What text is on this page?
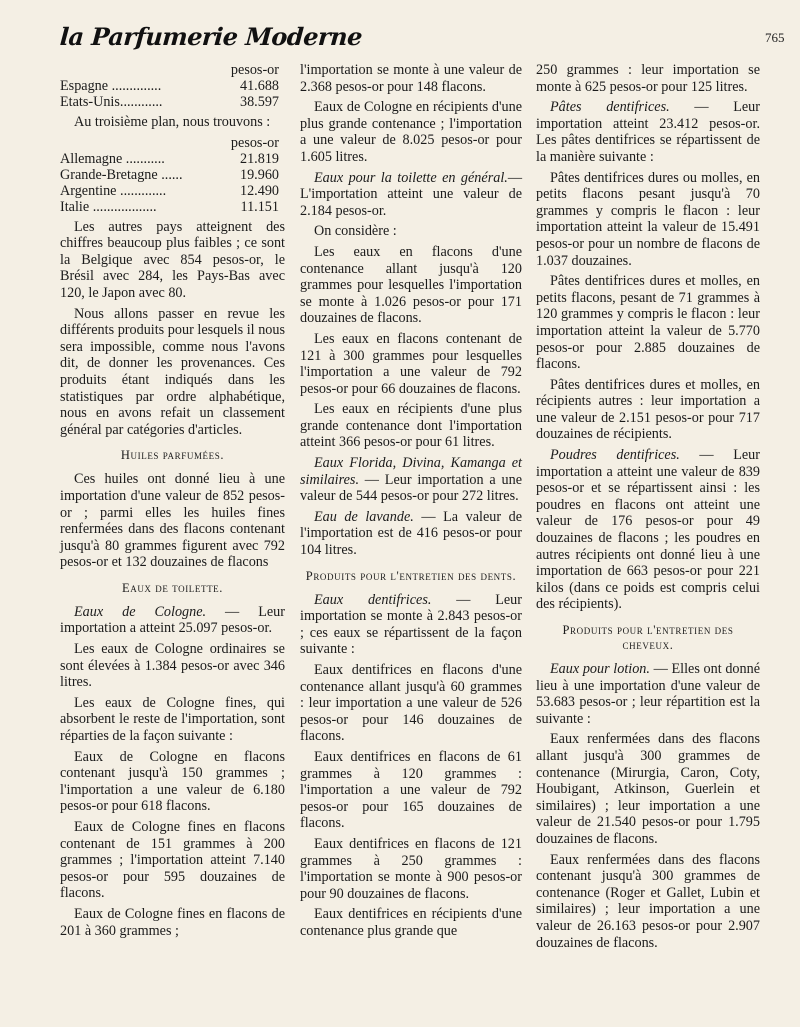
la Parfumerie Moderne	765
	pesos-or
Espagne ..............	41.688
Etats-Unis............	38.597

Au troisième plan, nous trouvons :

	pesos-or
Allemagne ...........	21.819
Grande-Bretagne ......	19.960
Argentine .............	12.490
Italie ..................	11.151

Les autres pays atteignent des chiffres beaucoup plus faibles ; ce sont la Belgique avec 854 pesos-or, le Brésil avec 284, les Pays-Bas avec 120, le Japon avec 80.

Nous allons passer en revue les différents produits pour lesquels il nous sera impossible, comme nous l'avons dit, de donner les provenances. Ces produits étant indiqués dans les statistiques par ordre alphabétique, nous en avons refait un classement général par catégories d'articles.

Huiles parfumées.

Ces huiles ont donné lieu à une importation d'une valeur de 852 pesos-or ; parmi elles les huiles fines renfermées dans des flacons contenant jusqu'à 80 grammes figurent avec 792 pesos-or et 132 douzaines de flacons

Eaux de toilette.

Eaux de Cologne. — Leur importation a atteint 25.097 pesos-or.

Les eaux de Cologne ordinaires se sont élevées à 1.384 pesos-or avec 346 litres.

Les eaux de Cologne fines, qui absorbent le reste de l'importation, sont réparties de la façon suivante :

Eaux de Cologne en flacons contenant jusqu'à 150 grammes ; l'importation a une valeur de 6.180 pesos-or pour 618 flacons.

Eaux de Cologne fines en flacons contenant de 151 grammes à 200 grammes ; l'importation atteint 7.140 pesos-or pour 595 douzaines de flacons.

Eaux de Cologne fines en flacons de 201 à 360 grammes ;

l'importation se monte à une valeur de 2.368 pesos-or pour 148 flacons.

Eaux de Cologne en récipients d'une plus grande contenance ; l'importation a une valeur de 8.025 pesos-or pour 1.605 litres.

Eaux pour la toilette en général.— L'importation atteint une valeur de 2.184 pesos-or.

On considère :

Les eaux en flacons d'une contenance allant jusqu'à 120 grammes pour lesquelles l'importation se monte à 1.026 pesos-or pour 171 douzaines de flacons.

Les eaux en flacons contenant de 121 à 300 grammes pour lesquelles l'importation a une valeur de 792 pesos-or pour 66 douzaines de flacons.

Les eaux en récipients d'une plus grande contenance dont l'importation atteint 366 pesos-or pour 61 litres.

Eaux Florida, Divina, Kamanga et similaires. — Leur importation a une valeur de 544 pesos-or pour 272 litres.

Eau de lavande. — La valeur de l'importation est de 416 pesos-or pour 104 litres.

Produits pour l'entretien des dents.

Eaux dentifrices. — Leur importation se monte à 2.843 pesos-or ; ces eaux se répartissent de la façon suivante :

Eaux dentifrices en flacons d'une contenance allant jusqu'à 60 grammes : leur importation a une valeur de 526 pesos-or pour 146 douzaines de flacons.

Eaux dentifrices en flacons de 61 grammes à 120 grammes : l'importation a une valeur de 792 pesos-or pour 165 douzaines de flacons.

Eaux dentifrices en flacons de 121 grammes à 250 grammes : l'importation se monte à 900 pesos-or pour 90 douzaines de flacons.

Eaux dentifrices en récipients d'une contenance plus grande que

250 grammes : leur importation se monte à 625 pesos-or pour 125 litres.

Pâtes dentifrices. — Leur importation atteint 23.412 pesos-or. Les pâtes dentifrices se répartissent de la manière suivante :

Pâtes dentifrices dures ou molles, en petits flacons pesant jusqu'à 70 grammes y compris le flacon : leur importation atteint la valeur de 15.491 pesos-or pour un nombre de flacons de 1.037 douzaines.

Pâtes dentifrices dures et molles, en petits flacons, pesant de 71 grammes à 120 grammes y compris le flacon : leur importation atteint la valeur de 5.770 pesos-or pour 2.885 douzaines de flacons.

Pâtes dentifrices dures et molles, en récipients autres : leur importation a une valeur de 2.151 pesos-or pour 717 douzaines de récipients.

Poudres dentifrices. — Leur importation a atteint une valeur de 839 pesos-or et se répartissent ainsi : les poudres en flacons ont atteint une valeur de 176 pesos-or pour 49 douzaines de flacons ; les poudres en autres récipients ont donné lieu à une importation de 663 pesos-or pour 221 kilos (dans ce poids est compris celui des récipients).

Produits pour l'entretien des cheveux.

Eaux pour lotion. — Elles ont donné lieu à une importation d'une valeur de 53.683 pesos-or ; leur répartition est la suivante :

Eaux renfermées dans des flacons allant jusqu'à 300 grammes de contenance (Mirurgia, Caron, Coty, Houbigant, Atkinson, Guerlein et similaires) ; leur importation a une valeur de 21.540 pesos-or pour 1.795 douzaines de flacons.

Eaux renfermées dans des flacons contenant jusqu'à 300 grammes de contenance (Roger et Gallet, Lubin et similaires) ; leur importation a une valeur de 26.163 pesos-or pour 2.907 douzaines de flacons.
